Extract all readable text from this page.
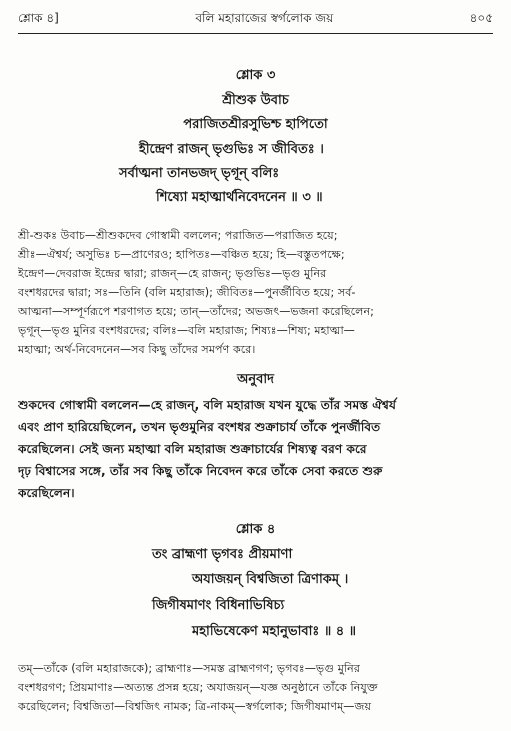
শ্লোক ৪]	বলি মহারাজের স্বর্গলোক জয়	৪০৫
শ্লোক ৩
শ্রীশুক উবাচ
পরাজিতশ্রীরসুভিশ্চ হাপিতো
হীন্দ্রেণ রাজন্ ভৃগুভিঃ স জীবিতঃ ।
সর্বাত্মনা তানভজদ্ ভৃগূন্ বলিঃ
শিষ্যো মহাত্মার্থনিবেদনেন ॥ ৩ ॥
শ্রী-শুকঃ উবাচ—শ্রীশুকদেব গোস্বামী বললেন; পরাজিত—পরাজিত হয়ে;
শ্রীঃ—ঐশ্বর্য; অসুভিঃ চ—প্রাণেরও; হাপিতঃ—বঞ্চিত হয়ে; হি—বস্তুতপক্ষে;
ইন্দ্রেণ—দেবরাজ ইন্দ্রের দ্বারা; রাজন্—হে রাজন্; ভৃগুভিঃ—ভৃগু মুনির
বংশধরদের দ্বারা; সঃ—তিনি (বলি মহারাজ); জীবিতঃ—পুনর্জীবিত হয়ে; সর্ব-
আত্মনা—সম্পূর্ণরূপে শরণাগত হয়ে; তান্—তাঁদের; অভজৎ—ভজনা করেছিলেন;
ভৃগূন্—ভৃগু মুনির বংশধরদের; বলিঃ—বলি মহারাজ; শিষ্যঃ—শিষ্য; মহাত্মা—
মহাত্মা; অর্থ-নিবেদনেন—সব কিছু তাঁদের সমর্পণ করে।
অনুবাদ
শুকদেব গোস্বামী বললেন—হে রাজন্, বলি মহারাজ যখন যুদ্ধে তাঁর সমস্ত ঐশ্বর্য
এবং প্রাণ হারিয়েছিলেন, তখন ভৃগুমুনির বংশধর শুক্রাচার্য তাঁকে পুনর্জীবিত
করেছিলেন। সেই জন্য মহাত্মা বলি মহারাজ শুক্রাচার্যের শিষ্যত্ব বরণ করে
দৃঢ় বিশ্বাসের সঙ্গে, তাঁর সব কিছু তাঁকে নিবেদন করে তাঁকে সেবা করতে শুরু
করেছিলেন।
শ্লোক ৪
তং ব্রাহ্মণা ভৃগবঃ প্রীয়মাণা
অযাজয়ন্ বিশ্বজিতা ত্রিণাকম্ ।
জিগীষমাণং বিধিনাভিষিচ্য
মহাভিষেকেণ মহানুভাবাঃ ॥ ৪ ॥
তম্—তাঁকে (বলি মহারাজকে); ব্রাহ্মণাঃ—সমস্ত ব্রাহ্মণগণ; ভৃগবঃ—ভৃগু মুনির
বংশধরগণ; প্রিয়মাণাঃ—অত্যন্ত প্রসন্ন হয়ে; অযাজয়ন্—যজ্ঞ অনুষ্ঠানে তাঁকে নিযুক্ত
করেছিলেন; বিশ্বজিতা—বিশ্বজিৎ নামক; ত্রি-নাকম্—স্বর্গলোক; জিগীষমাণম্—জয়
